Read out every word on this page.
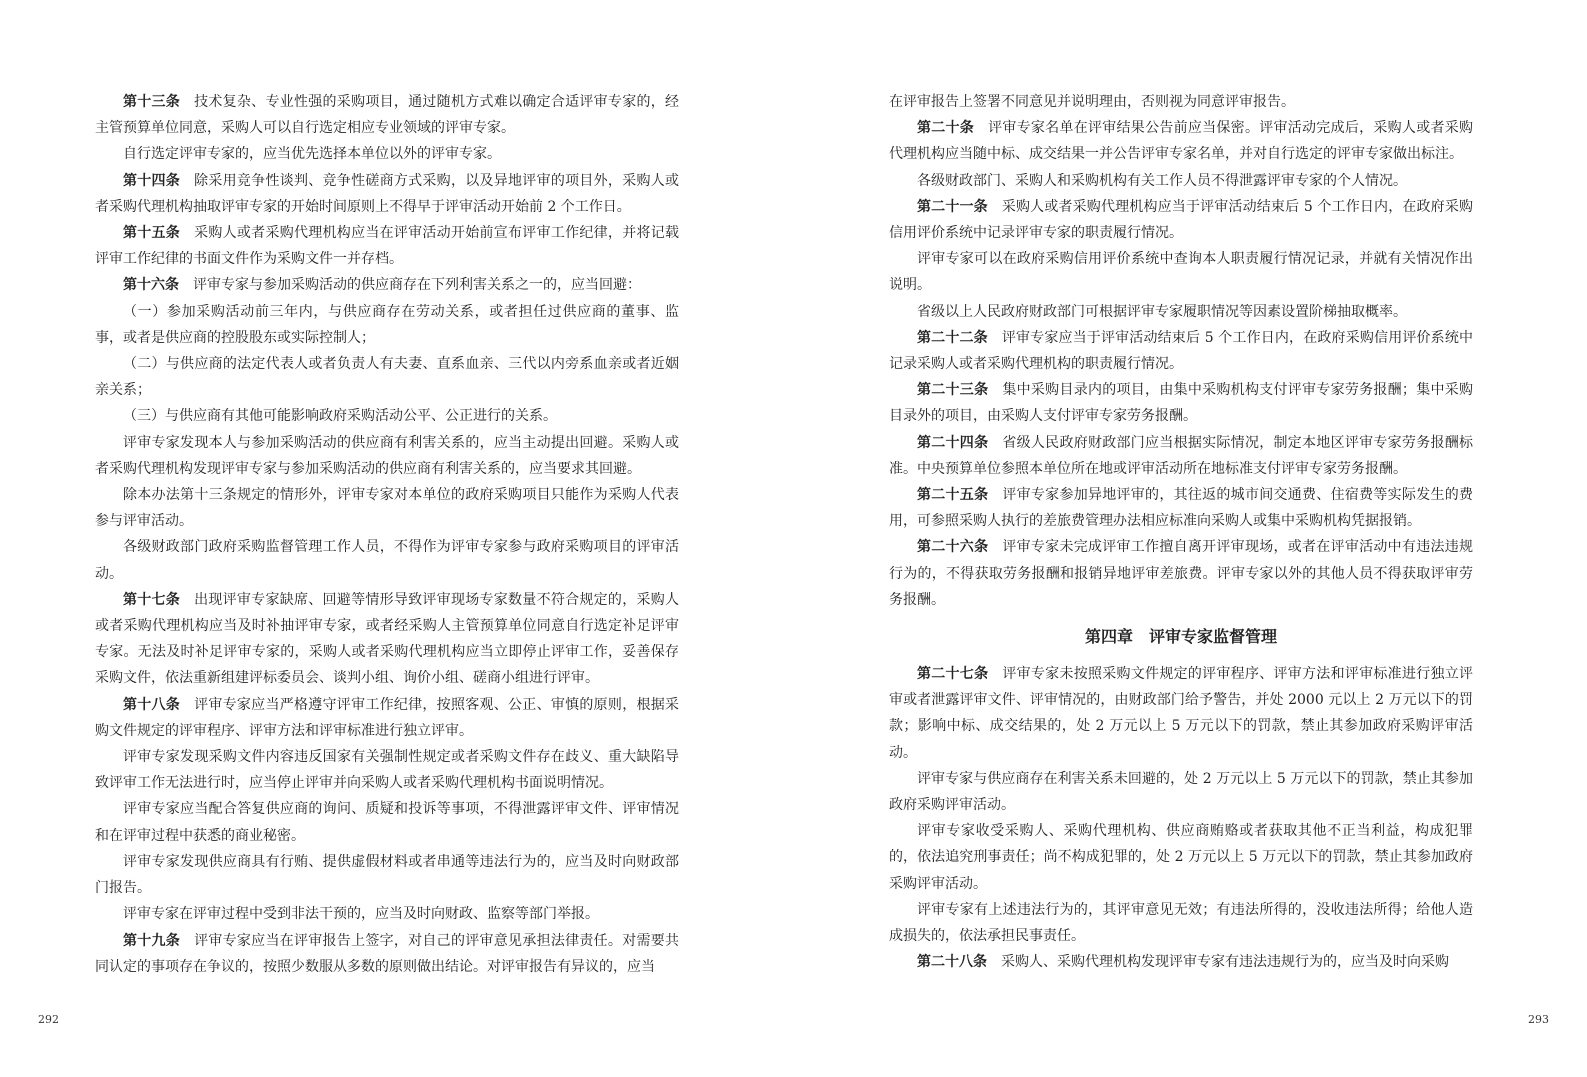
第十三条 技术复杂、专业性强的采购项目，通过随机方式难以确定合适评审专家的，经主管预算单位同意，采购人可以自行选定相应专业领域的评审专家。

自行选定评审专家的，应当优先选择本单位以外的评审专家。

第十四条 除采用竞争性谈判、竞争性磋商方式采购，以及异地评审的项目外，采购人或者采购代理机构抽取评审专家的开始时间原则上不得早于评审活动开始前 2 个工作日。

第十五条 采购人或者采购代理机构应当在评审活动开始前宣布评审工作纪律，并将记载评审工作纪律的书面文件作为采购文件一并存档。

第十六条 评审专家与参加采购活动的供应商存在下列利害关系之一的，应当回避：

（一）参加采购活动前三年内，与供应商存在劳动关系，或者担任过供应商的董事、监事，或者是供应商的控股股东或实际控制人；

（二）与供应商的法定代表人或者负责人有夫妻、直系血亲、三代以内旁系血亲或者近姻亲关系；

（三）与供应商有其他可能影响政府采购活动公平、公正进行的关系。

评审专家发现本人与参加采购活动的供应商有利害关系的，应当主动提出回避。采购人或者采购代理机构发现评审专家与参加采购活动的供应商有利害关系的，应当要求其回避。

除本办法第十三条规定的情形外，评审专家对本单位的政府采购项目只能作为采购人代表参与评审活动。

各级财政部门政府采购监督管理工作人员，不得作为评审专家参与政府采购项目的评审活动。

第十七条 出现评审专家缺席、回避等情形导致评审现场专家数量不符合规定的，采购人或者采购代理机构应当及时补抽评审专家，或者经采购人主管预算单位同意自行选定补足评审专家。无法及时补足评审专家的，采购人或者采购代理机构应当立即停止评审工作，妥善保存采购文件，依法重新组建评标委员会、谈判小组、询价小组、磋商小组进行评审。

第十八条 评审专家应当严格遵守评审工作纪律，按照客观、公正、审慎的原则，根据采购文件规定的评审程序、评审方法和评审标准进行独立评审。

评审专家发现采购文件内容违反国家有关强制性规定或者采购文件存在歧义、重大缺陷导致评审工作无法进行时，应当停止评审并向采购人或者采购代理机构书面说明情况。

评审专家应当配合答复供应商的询问、质疑和投诉等事项，不得泄露评审文件、评审情况和在评审过程中获悉的商业秘密。

评审专家发现供应商具有行贿、提供虚假材料或者串通等违法行为的，应当及时向财政部门报告。

评审专家在评审过程中受到非法干预的，应当及时向财政、监察等部门举报。

第十九条 评审专家应当在评审报告上签字，对自己的评审意见承担法律责任。对需要共同认定的事项存在争议的，按照少数服从多数的原则做出结论。对评审报告有异议的，应当

292

在评审报告上签署不同意见并说明理由，否则视为同意评审报告。

第二十条 评审专家名单在评审结果公告前应当保密。评审活动完成后，采购人或者采购代理机构应当随中标、成交结果一并公告评审专家名单，并对自行选定的评审专家做出标注。

各级财政部门、采购人和采购机构有关工作人员不得泄露评审专家的个人情况。

第二十一条 采购人或者采购代理机构应当于评审活动结束后 5 个工作日内，在政府采购信用评价系统中记录评审专家的职责履行情况。

评审专家可以在政府采购信用评价系统中查询本人职责履行情况记录，并就有关情况作出说明。

省级以上人民政府财政部门可根据评审专家履职情况等因素设置阶梯抽取概率。

第二十二条 评审专家应当于评审活动结束后 5 个工作日内，在政府采购信用评价系统中记录采购人或者采购代理机构的职责履行情况。

第二十三条 集中采购目录内的项目，由集中采购机构支付评审专家劳务报酬；集中采购目录外的项目，由采购人支付评审专家劳务报酬。

第二十四条 省级人民政府财政部门应当根据实际情况，制定本地区评审专家劳务报酬标准。中央预算单位参照本单位所在地或评审活动所在地标准支付评审专家劳务报酬。

第二十五条 评审专家参加异地评审的，其往返的城市间交通费、住宿费等实际发生的费用，可参照采购人执行的差旅费管理办法相应标准向采购人或集中采购机构凭据报销。

第二十六条 评审专家未完成评审工作擅自离开评审现场，或者在评审活动中有违法违规行为的，不得获取劳务报酬和报销异地评审差旅费。评审专家以外的其他人员不得获取评审劳务报酬。

第四章　评审专家监督管理

第二十七条 评审专家未按照采购文件规定的评审程序、评审方法和评审标准进行独立评审或者泄露评审文件、评审情况的，由财政部门给予警告，并处 2000 元以上 2 万元以下的罚款；影响中标、成交结果的，处 2 万元以上 5 万元以下的罚款，禁止其参加政府采购评审活动。

评审专家与供应商存在利害关系未回避的，处 2 万元以上 5 万元以下的罚款，禁止其参加政府采购评审活动。

评审专家收受采购人、采购代理机构、供应商贿赂或者获取其他不正当利益，构成犯罪的，依法追究刑事责任；尚不构成犯罪的，处 2 万元以上 5 万元以下的罚款，禁止其参加政府采购评审活动。

评审专家有上述违法行为的，其评审意见无效；有违法所得的，没收违法所得；给他人造成损失的，依法承担民事责任。

第二十八条 采购人、采购代理机构发现评审专家有违法违规行为的，应当及时向采购

293
